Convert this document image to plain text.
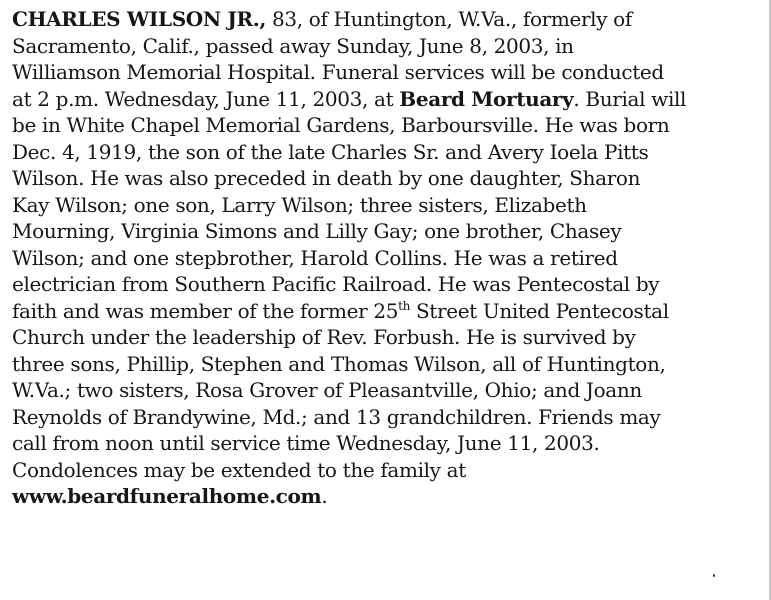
CHARLES WILSON JR., 83, of Huntington, W.Va., formerly of
Sacramento, Calif., passed away Sunday, June 8, 2003, in
Williamson Memorial Hospital. Funeral services will be conducted
at 2 p.m. Wednesday, June 11, 2003, at Beard Mortuary. Burial will
be in White Chapel Memorial Gardens, Barboursville. He was born
Dec. 4, 1919, the son of the late Charles Sr. and Avery Ioela Pitts
Wilson. He was also preceded in death by one daughter, Sharon
Kay Wilson; one son, Larry Wilson; three sisters, Elizabeth
Mourning, Virginia Simons and Lilly Gay; one brother, Chasey
Wilson; and one stepbrother, Harold Collins. He was a retired
electrician from Southern Pacific Railroad. He was Pentecostal by
faith and was member of the former 25th Street United Pentecostal
Church under the leadership of Rev. Forbush. He is survived by
three sons, Phillip, Stephen and Thomas Wilson, all of Huntington,
W.Va.; two sisters, Rosa Grover of Pleasantville, Ohio; and Joann
Reynolds of Brandywine, Md.; and 13 grandchildren. Friends may
call from noon until service time Wednesday, June 11, 2003.
Condolences may be extended to the family at
www.beardfuneralhome.com.
